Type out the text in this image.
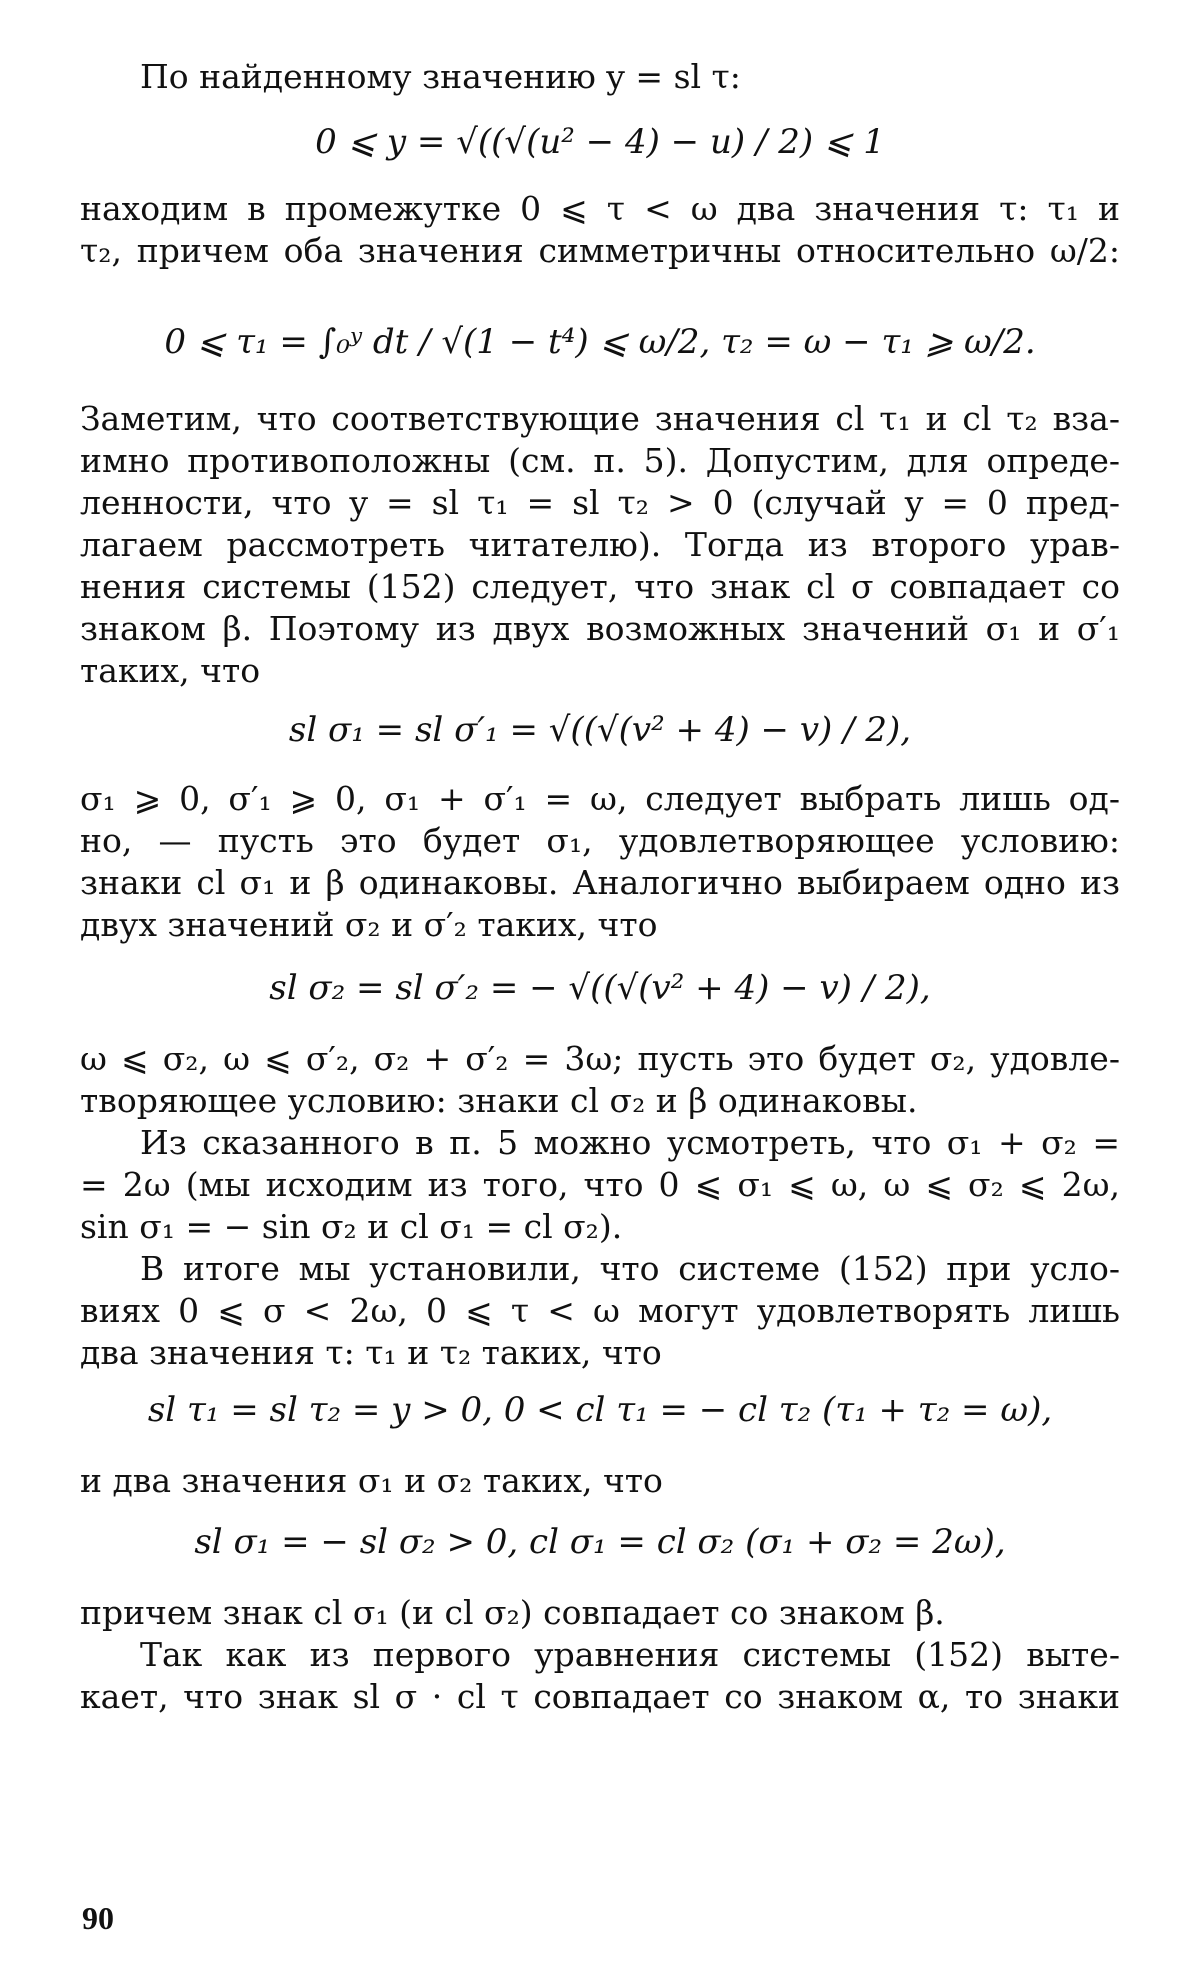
По найденному значению y = sl τ:
0 ⩽ y = √((√(u² − 4) − u) / 2) ⩽ 1
находим в промежутке 0 ⩽ τ < ω два значения τ: τ₁ и
τ₂, причем оба значения симметричны относительно ω/2:
0 ⩽ τ₁ = ∫₀ʸ dt / √(1 − t⁴) ⩽ ω/2, τ₂ = ω − τ₁ ⩾ ω/2.
Заметим, что соответствующие значения cl τ₁ и cl τ₂ вза-
имно противоположны (см. п. 5). Допустим, для опреде-
ленности, что y = sl τ₁ = sl τ₂ > 0 (случай y = 0 пред-
лагаем рассмотреть читателю). Тогда из второго урав-
нения системы (152) следует, что знак cl σ совпадает со
знаком β. Поэтому из двух возможных значений σ₁ и σ′₁
таких, что
sl σ₁ = sl σ′₁ = √((√(v² + 4) − v) / 2),
σ₁ ⩾ 0, σ′₁ ⩾ 0, σ₁ + σ′₁ = ω, следует выбрать лишь од-
но, — пусть это будет σ₁, удовлетворяющее условию:
знаки cl σ₁ и β одинаковы. Аналогично выбираем одно из
двух значений σ₂ и σ′₂ таких, что
sl σ₂ = sl σ′₂ = − √((√(v² + 4) − v) / 2),
ω ⩽ σ₂, ω ⩽ σ′₂, σ₂ + σ′₂ = 3ω; пусть это будет σ₂, удовле-
творяющее условию: знаки cl σ₂ и β одинаковы.
Из сказанного в п. 5 можно усмотреть, что σ₁ + σ₂ =
= 2ω (мы исходим из того, что 0 ⩽ σ₁ ⩽ ω, ω ⩽ σ₂ ⩽ 2ω,
sin σ₁ = − sin σ₂ и cl σ₁ = cl σ₂).
В итоге мы установили, что системе (152) при усло-
виях 0 ⩽ σ < 2ω, 0 ⩽ τ < ω могут удовлетворять лишь
два значения τ: τ₁ и τ₂ таких, что
sl τ₁ = sl τ₂ = y > 0, 0 < cl τ₁ = − cl τ₂ (τ₁ + τ₂ = ω),
и два значения σ₁ и σ₂ таких, что
sl σ₁ = − sl σ₂ > 0, cl σ₁ = cl σ₂ (σ₁ + σ₂ = 2ω),
причем знак cl σ₁ (и cl σ₂) совпадает со знаком β.
Так как из первого уравнения системы (152) выте-
кает, что знак sl σ · cl τ совпадает со знаком α, то знаки
90
